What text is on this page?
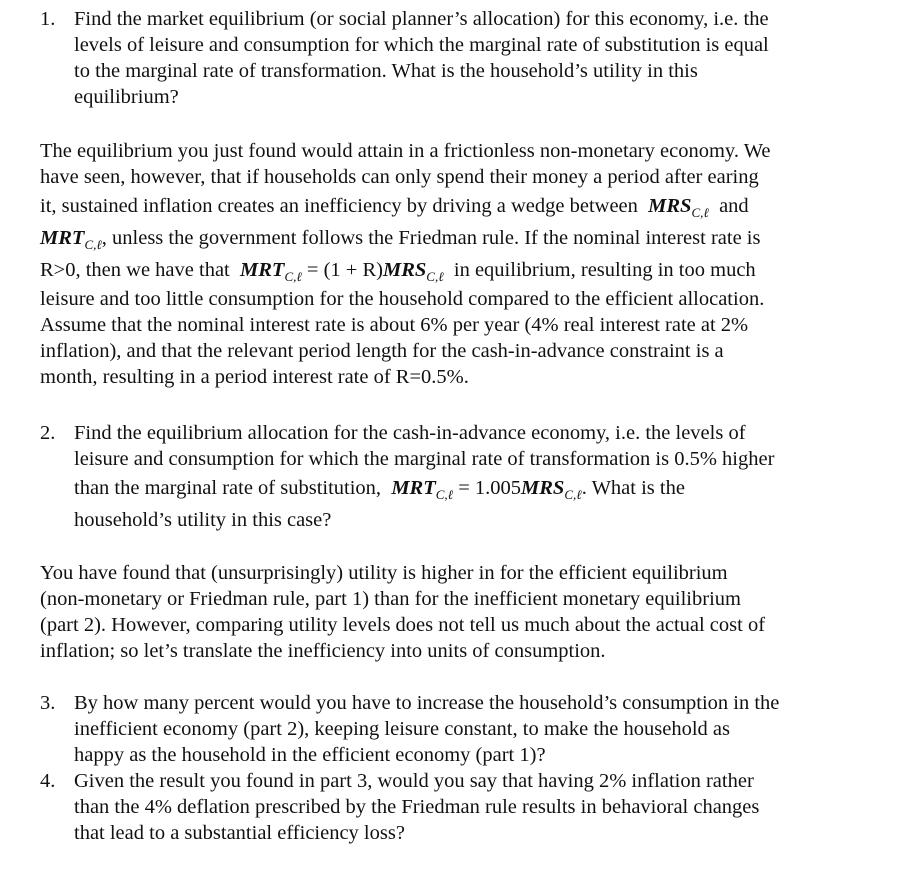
1. Find the market equilibrium (or social planner’s allocation) for this economy, i.e. the
levels of leisure and consumption for which the marginal rate of substitution is equal
to the marginal rate of transformation. What is the household’s utility in this
equilibrium?
The equilibrium you just found would attain in a frictionless non-monetary economy. We
have seen, however, that if households can only spend their money a period after earing
it, sustained inflation creates an inefficiency by driving a wedge between $MRS_{C,\ell}$ and
$MRT_{C,\ell}$, unless the government follows the Friedman rule. If the nominal interest rate is
R>0, then we have that $MRT_{C,\ell} = (1 + R)MRS_{C,\ell}$ in equilibrium, resulting in too much
leisure and too little consumption for the household compared to the efficient allocation.
Assume that the nominal interest rate is about 6% per year (4% real interest rate at 2%
inflation), and that the relevant period length for the cash-in-advance constraint is a
month, resulting in a period interest rate of R=0.5%.
2. Find the equilibrium allocation for the cash-in-advance economy, i.e. the levels of
leisure and consumption for which the marginal rate of transformation is 0.5% higher
than the marginal rate of substitution, $MRT_{C,\ell} = 1.005MRS_{C,\ell}$. What is the
household’s utility in this case?
You have found that (unsurprisingly) utility is higher in for the efficient equilibrium
(non-monetary or Friedman rule, part 1) than for the inefficient monetary equilibrium
(part 2). However, comparing utility levels does not tell us much about the actual cost of
inflation; so let’s translate the inefficiency into units of consumption.
3. By how many percent would you have to increase the household’s consumption in the
inefficient economy (part 2), keeping leisure constant, to make the household as
happy as the household in the efficient economy (part 1)?
4. Given the result you found in part 3, would you say that having 2% inflation rather
than the 4% deflation prescribed by the Friedman rule results in behavioral changes
that lead to a substantial efficiency loss?
